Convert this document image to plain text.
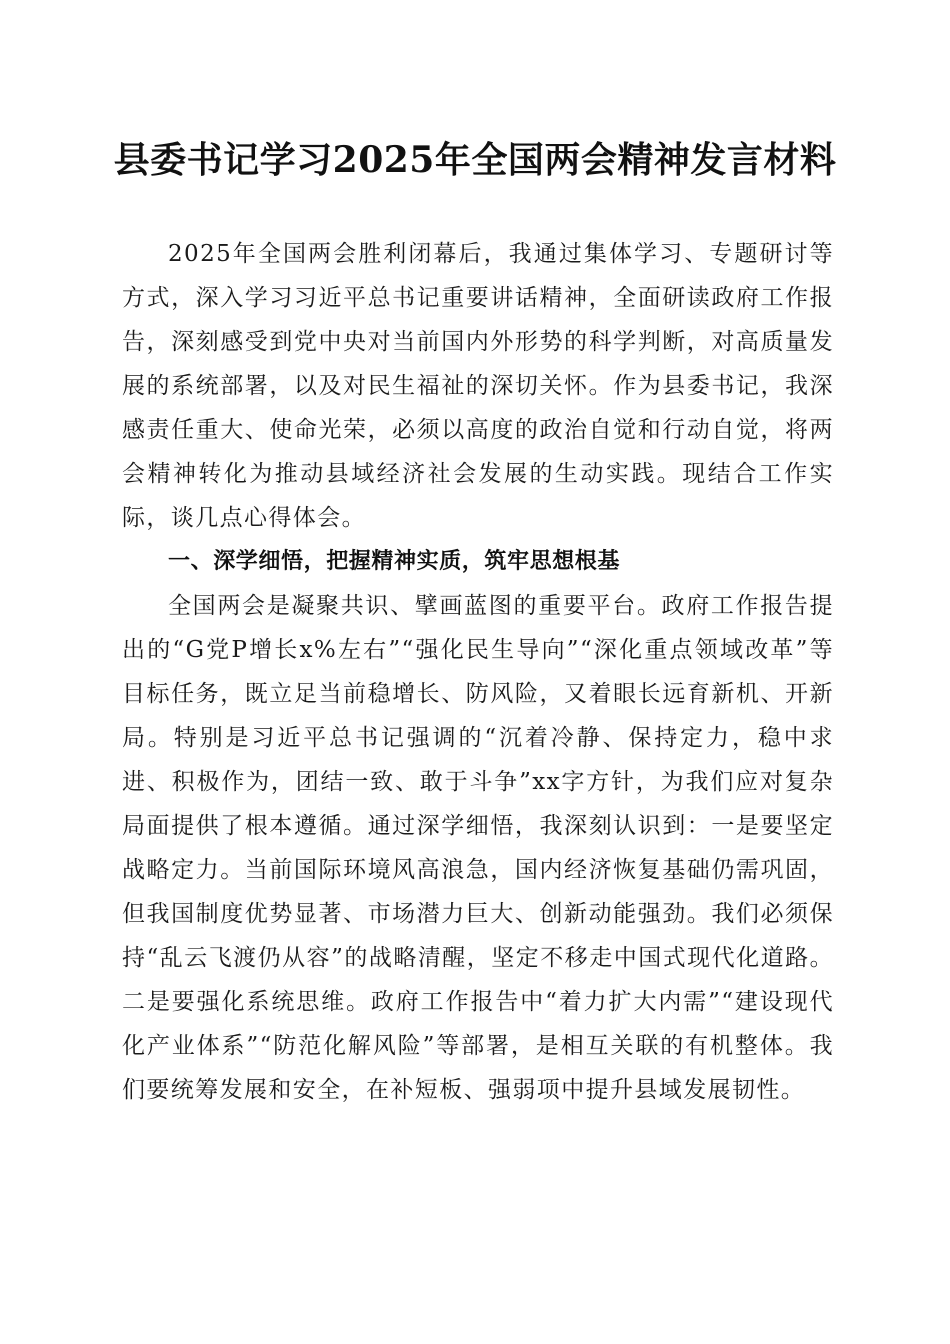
县委书记学习2025年全国两会精神发言材料

2025年全国两会胜利闭幕后，我通过集体学习、专题研讨等方式，深入学习习近平总书记重要讲话精神，全面研读政府工作报告，深刻感受到党中央对当前国内外形势的科学判断，对高质量发展的系统部署，以及对民生福祉的深切关怀。作为县委书记，我深感责任重大、使命光荣，必须以高度的政治自觉和行动自觉，将两会精神转化为推动县域经济社会发展的生动实践。现结合工作实际，谈几点心得体会。

一、深学细悟，把握精神实质，筑牢思想根基

全国两会是凝聚共识、擘画蓝图的重要平台。政府工作报告提出的“G党P增长x%左右”“强化民生导向”“深化重点领域改革”等目标任务，既立足当前稳增长、防风险，又着眼长远育新机、开新局。特别是习近平总书记强调的“沉着冷静、保持定力，稳中求进、积极作为，团结一致、敢于斗争”xx字方针，为我们应对复杂局面提供了根本遵循。通过深学细悟，我深刻认识到：一是要坚定战略定力。当前国际环境风高浪急，国内经济恢复基础仍需巩固，但我国制度优势显著、市场潜力巨大、创新动能强劲。我们必须保持“乱云飞渡仍从容”的战略清醒，坚定不移走中国式现代化道路。二是要强化系统思维。政府工作报告中“着力扩大内需”“建设现代化产业体系”“防范化解风险”等部署，是相互关联的有机整体。我们要统筹发展和安全，在补短板、强弱项中提升县域发展韧性。
